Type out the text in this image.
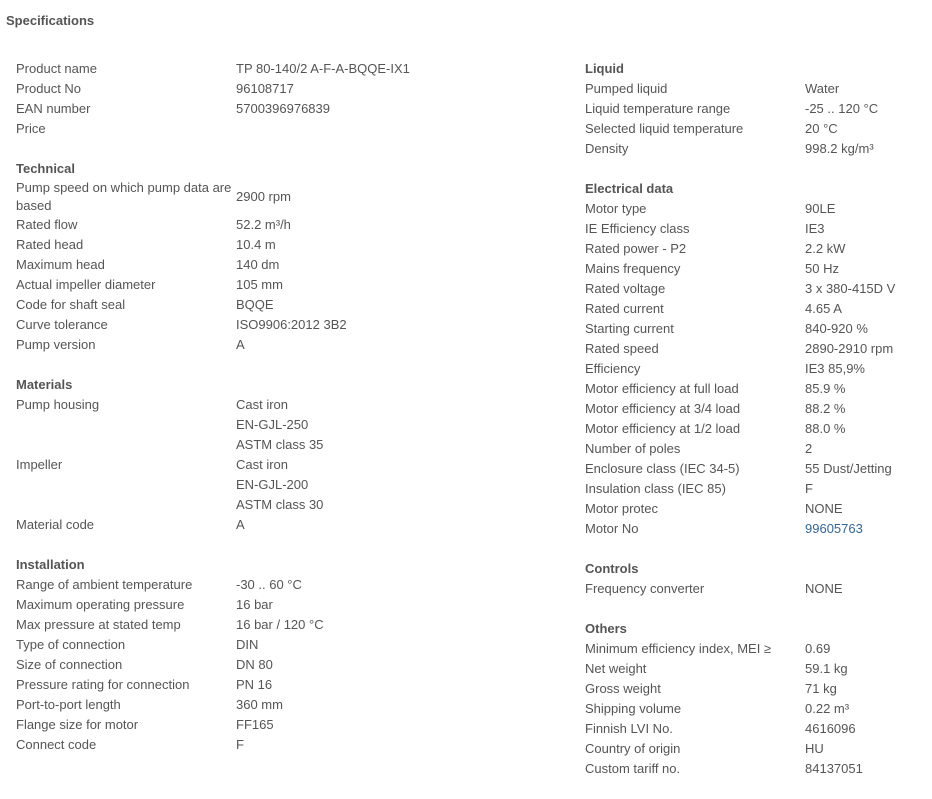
Specifications
Product name	TP 80-140/2 A-F-A-BQQE-IX1
Product No	96108717
EAN number	5700396976839
Price
Technical
Pump speed on which pump data are based
2900 rpm
Rated flow	52.2 m³/h
Rated head	10.4 m
Maximum head	140 dm
Actual impeller diameter	105 mm
Code for shaft seal	BQQE
Curve tolerance	ISO9906:2012 3B2
Pump version	A
Materials
Pump housing	Cast iron
EN-GJL-250
ASTM class 35
Impeller	Cast iron
EN-GJL-200
ASTM class 30
Material code	A
Installation
Range of ambient temperature	-30 .. 60 °C
Maximum operating pressure	16 bar
Max pressure at stated temp	16 bar / 120 °C
Type of connection	DIN
Size of connection	DN 80
Pressure rating for connection	PN 16
Port-to-port length	360 mm
Flange size for motor	FF165
Connect code	F
Liquid
Pumped liquid	Water
Liquid temperature range	-25 .. 120 °C
Selected liquid temperature	20 °C
Density	998.2 kg/m³
Electrical data
Motor type	90LE
IE Efficiency class	IE3
Rated power - P2	2.2 kW
Mains frequency	50 Hz
Rated voltage	3 x 380-415D V
Rated current	4.65 A
Starting current	840-920 %
Rated speed	2890-2910 rpm
Efficiency	IE3 85,9%
Motor efficiency at full load	85.9 %
Motor efficiency at 3/4 load	88.2 %
Motor efficiency at 1/2 load	88.0 %
Number of poles	2
Enclosure class (IEC 34-5)	55 Dust/Jetting
Insulation class (IEC 85)	F
Motor protec	NONE
Motor No	99605763
Controls
Frequency converter	NONE
Others
Minimum efficiency index, MEI ≥	0.69
Net weight	59.1 kg
Gross weight	71 kg
Shipping volume	0.22 m³
Finnish LVI No.	4616096
Country of origin	HU
Custom tariff no.	84137051
